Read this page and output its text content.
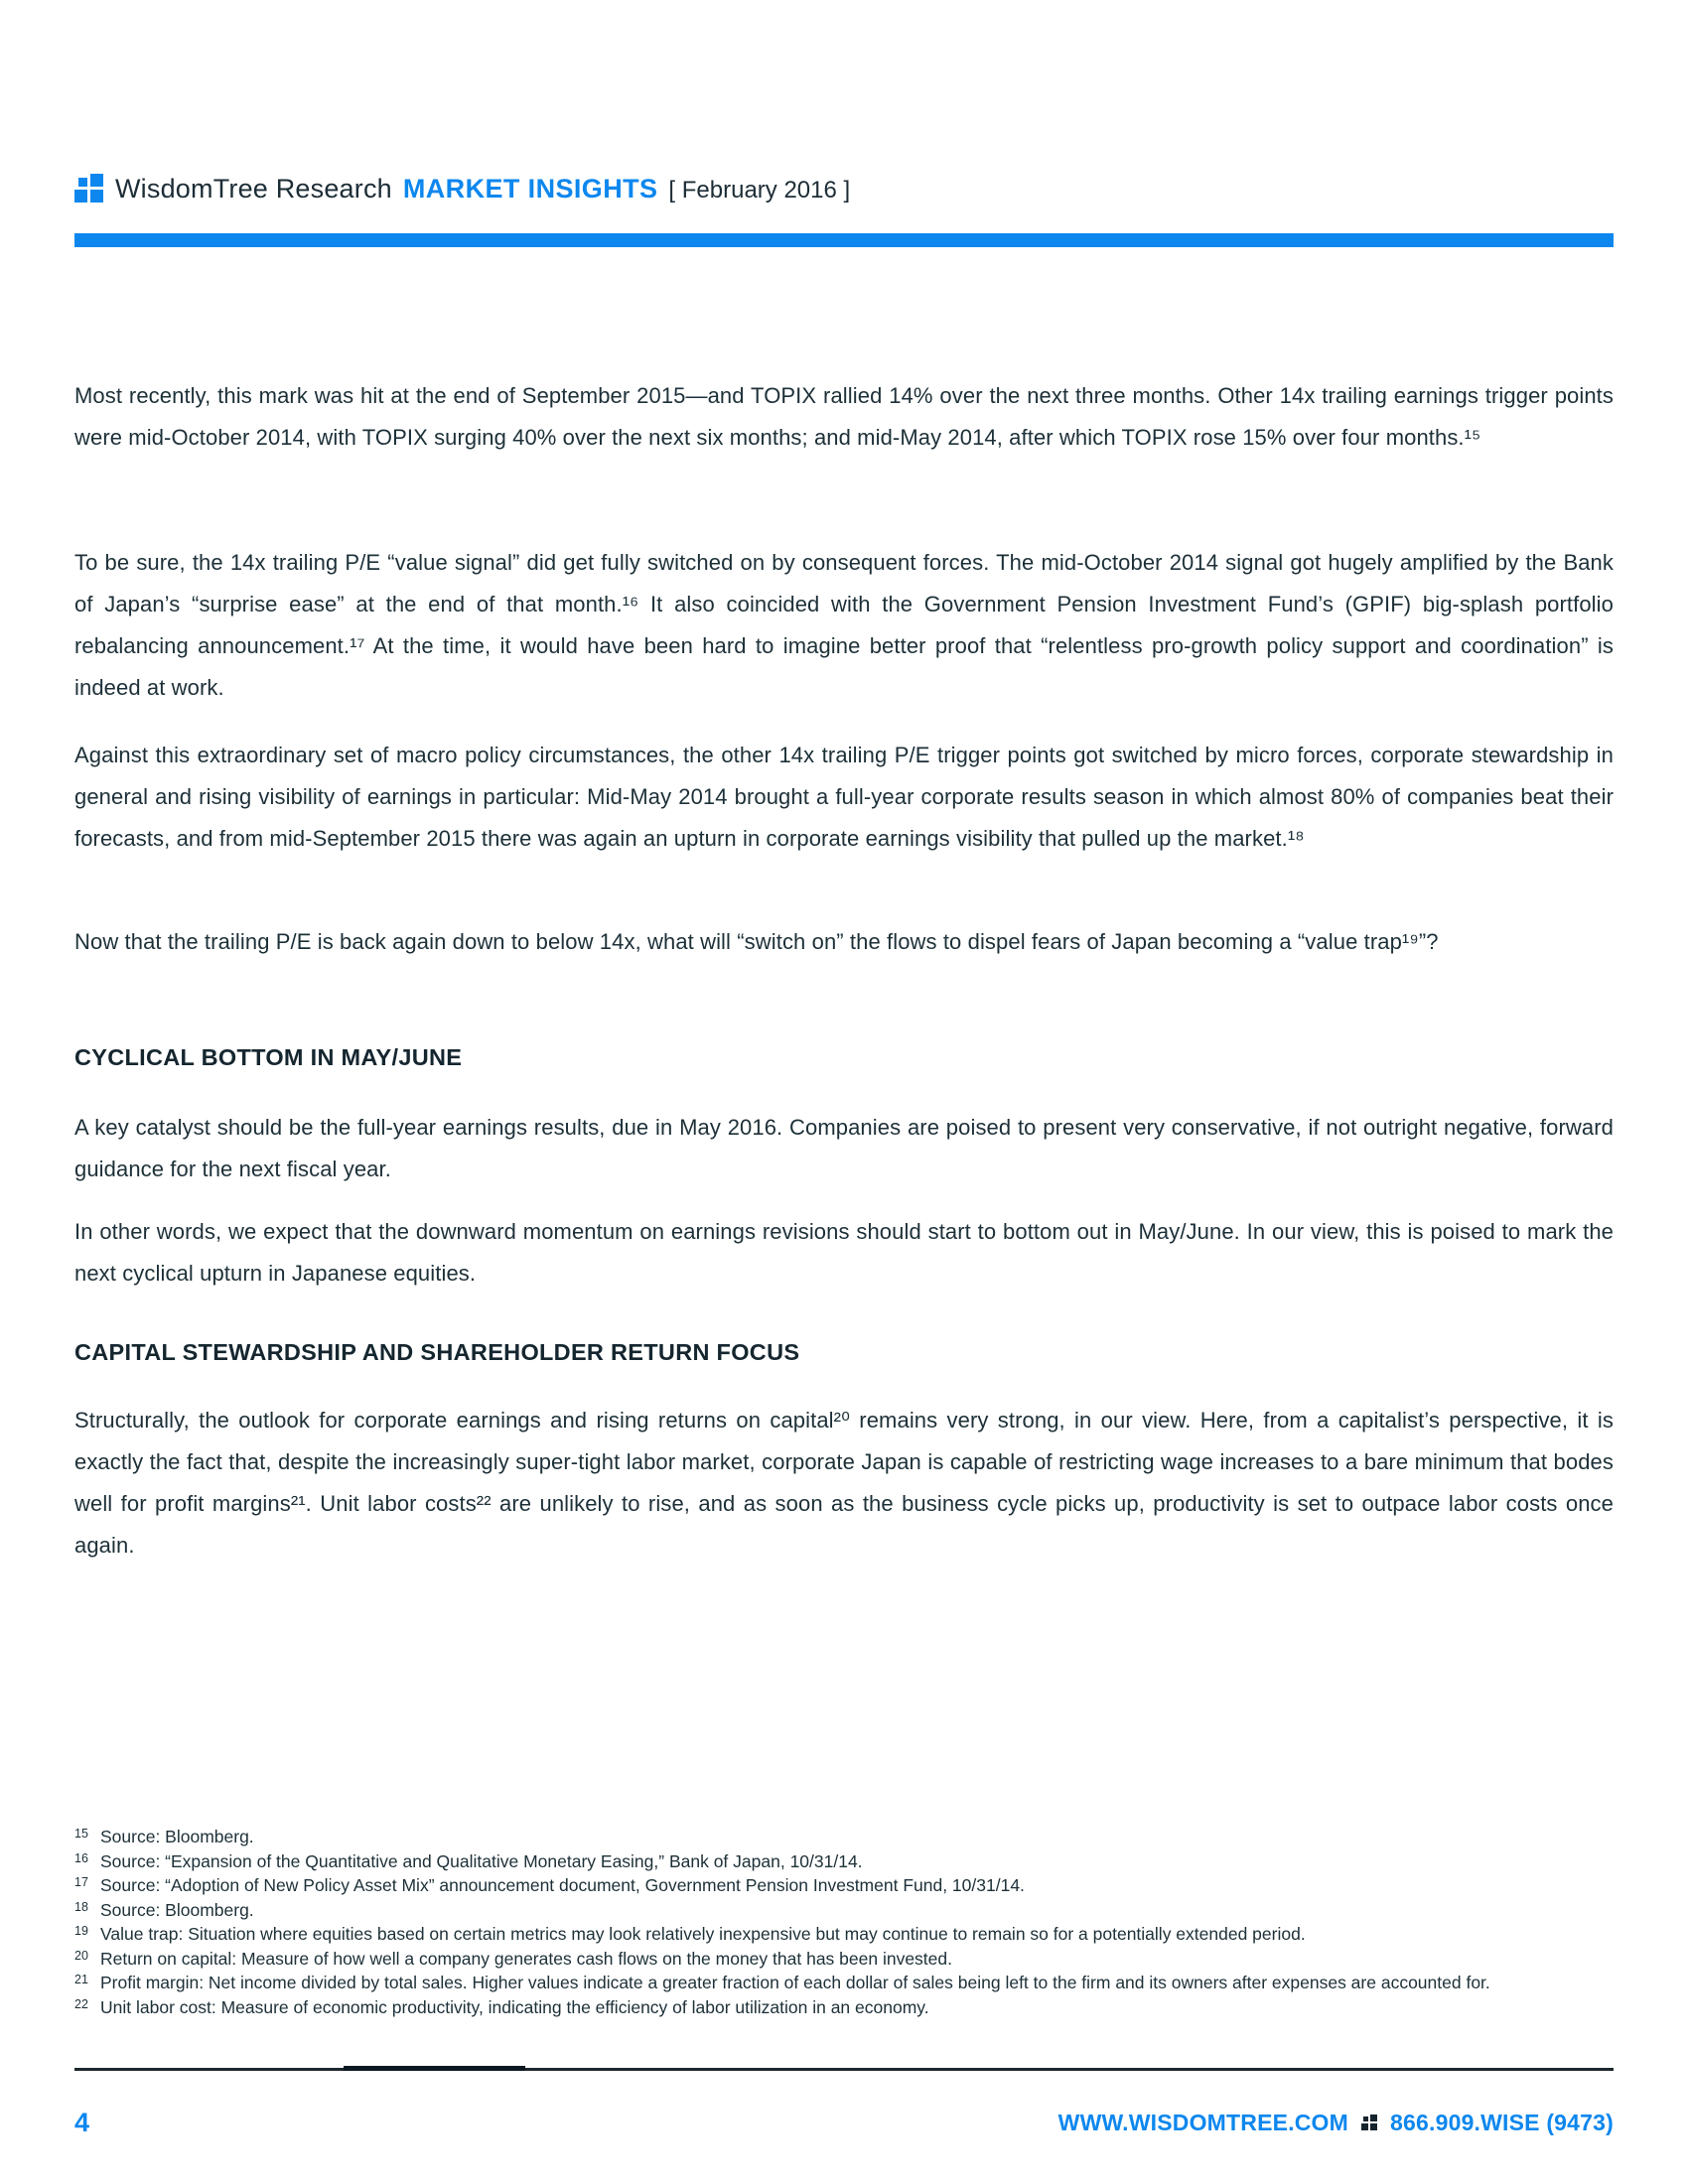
WisdomTree Research MARKET INSIGHTS [ February 2016 ]

Most recently, this mark was hit at the end of September 2015—and TOPIX rallied 14% over the next three months. Other 14x trailing earnings trigger points were mid-October 2014, with TOPIX surging 40% over the next six months; and mid-May 2014, after which TOPIX rose 15% over four months.¹⁵

To be sure, the 14x trailing P/E “value signal” did get fully switched on by consequent forces. The mid-October 2014 signal got hugely amplified by the Bank of Japan’s “surprise ease” at the end of that month.¹⁶ It also coincided with the Government Pension Investment Fund’s (GPIF) big-splash portfolio rebalancing announcement.¹⁷ At the time, it would have been hard to imagine better proof that “relentless pro-growth policy support and coordination” is indeed at work.

Against this extraordinary set of macro policy circumstances, the other 14x trailing P/E trigger points got switched by micro forces, corporate stewardship in general and rising visibility of earnings in particular: Mid-May 2014 brought a full-year corporate results season in which almost 80% of companies beat their forecasts, and from mid-September 2015 there was again an upturn in corporate earnings visibility that pulled up the market.¹⁸

Now that the trailing P/E is back again down to below 14x, what will “switch on” the flows to dispel fears of Japan becoming a “value trap¹⁹”?

CYCLICAL BOTTOM IN MAY/JUNE

A key catalyst should be the full-year earnings results, due in May 2016. Companies are poised to present very conservative, if not outright negative, forward guidance for the next fiscal year.

In other words, we expect that the downward momentum on earnings revisions should start to bottom out in May/June. In our view, this is poised to mark the next cyclical upturn in Japanese equities.

CAPITAL STEWARDSHIP AND SHAREHOLDER RETURN FOCUS

Structurally, the outlook for corporate earnings and rising returns on capital²⁰ remains very strong, in our view. Here, from a capitalist’s perspective, it is exactly the fact that, despite the increasingly super-tight labor market, corporate Japan is capable of restricting wage increases to a bare minimum that bodes well for profit margins²¹. Unit labor costs²² are unlikely to rise, and as soon as the business cycle picks up, productivity is set to outpace labor costs once again.

15 Source: Bloomberg.

16 Source: “Expansion of the Quantitative and Qualitative Monetary Easing,” Bank of Japan, 10/31/14.

17 Source: “Adoption of New Policy Asset Mix” announcement document, Government Pension Investment Fund, 10/31/14.

18 Source: Bloomberg.

19 Value trap: Situation where equities based on certain metrics may look relatively inexpensive but may continue to remain so for a potentially extended period.

20 Return on capital: Measure of how well a company generates cash flows on the money that has been invested.

21 Profit margin: Net income divided by total sales. Higher values indicate a greater fraction of each dollar of sales being left to the firm and its owners after expenses are accounted for.

22 Unit labor cost: Measure of economic productivity, indicating the efficiency of labor utilization in an economy.

4	WWW.WISDOMTREE.COM 866.909.WISE (9473)
